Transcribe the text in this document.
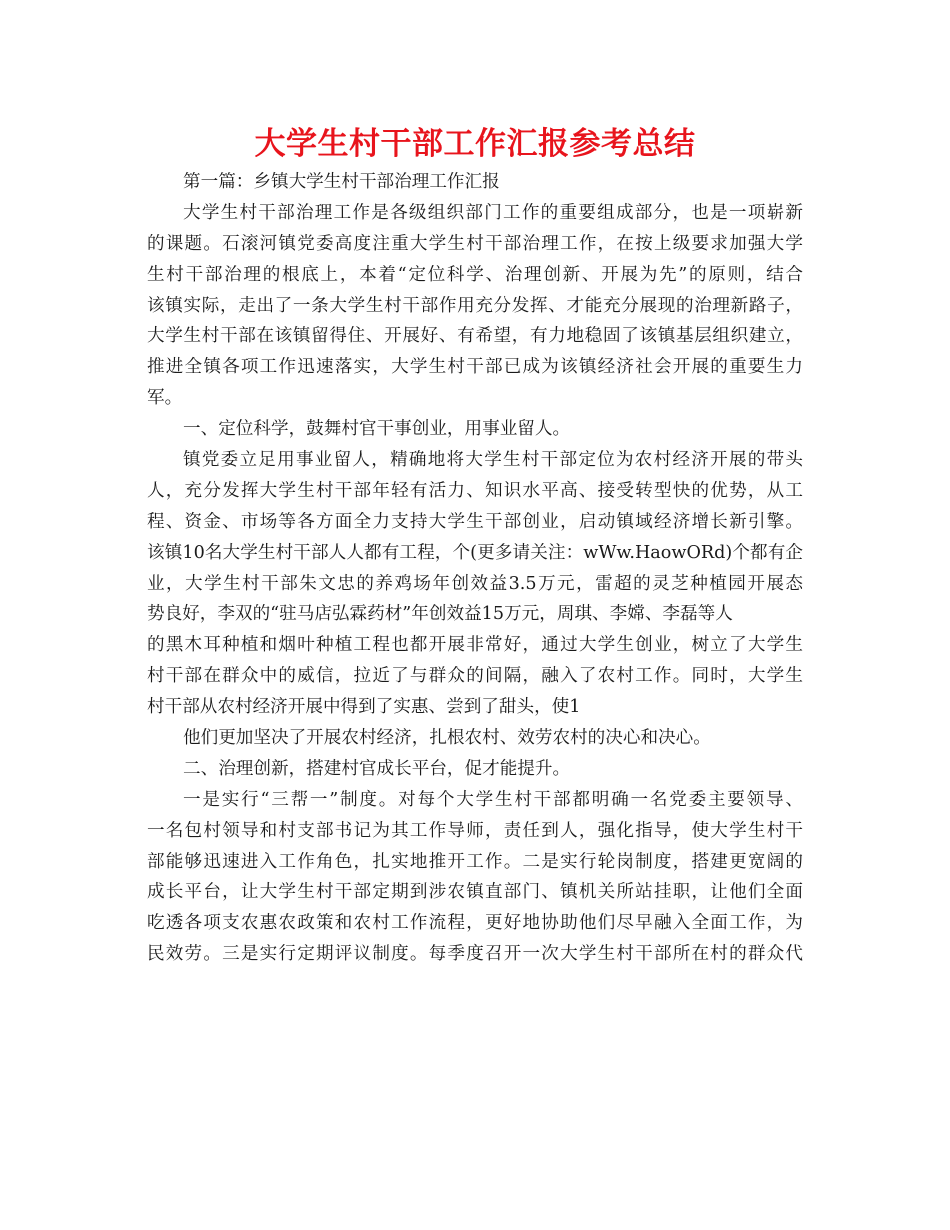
大学生村干部工作汇报参考总结
第一篇：乡镇大学生村干部治理工作汇报
大学生村干部治理工作是各级组织部门工作的重要组成部分，也是一项崭新
的课题。石滚河镇党委高度注重大学生村干部治理工作，在按上级要求加强大学
生村干部治理的根底上，本着“定位科学、治理创新、开展为先”的原则，结合
该镇实际，走出了一条大学生村干部作用充分发挥、才能充分展现的治理新路子，
大学生村干部在该镇留得住、开展好、有希望，有力地稳固了该镇基层组织建立，
推进全镇各项工作迅速落实，大学生村干部已成为该镇经济社会开展的重要生力
军。
一、定位科学，鼓舞村官干事创业，用事业留人。
镇党委立足用事业留人，精确地将大学生村干部定位为农村经济开展的带头
人，充分发挥大学生村干部年轻有活力、知识水平高、接受转型快的优势，从工
程、资金、市场等各方面全力支持大学生干部创业，启动镇域经济增长新引擎。
该镇10名大学生村干部人人都有工程，个(更多请关注：wWw.HaowORd)个都有企
业，大学生村干部朱文忠的养鸡场年创效益3.5万元，雷超的灵芝种植园开展态
势良好，李双的“驻马店弘霖药材”年创效益15万元，周琪、李嫦、李磊等人
的黑木耳种植和烟叶种植工程也都开展非常好，通过大学生创业，树立了大学生
村干部在群众中的威信，拉近了与群众的间隔，融入了农村工作。同时，大学生
村干部从农村经济开展中得到了实惠、尝到了甜头，使1
他们更加坚决了开展农村经济，扎根农村、效劳农村的决心和决心。
二、治理创新，搭建村官成长平台，促才能提升。
一是实行“三帮一”制度。对每个大学生村干部都明确一名党委主要领导、
一名包村领导和村支部书记为其工作导师，责任到人，强化指导，使大学生村干
部能够迅速进入工作角色，扎实地推开工作。二是实行轮岗制度，搭建更宽阔的
成长平台，让大学生村干部定期到涉农镇直部门、镇机关所站挂职，让他们全面
吃透各项支农惠农政策和农村工作流程，更好地协助他们尽早融入全面工作，为
民效劳。三是实行定期评议制度。每季度召开一次大学生村干部所在村的群众代
